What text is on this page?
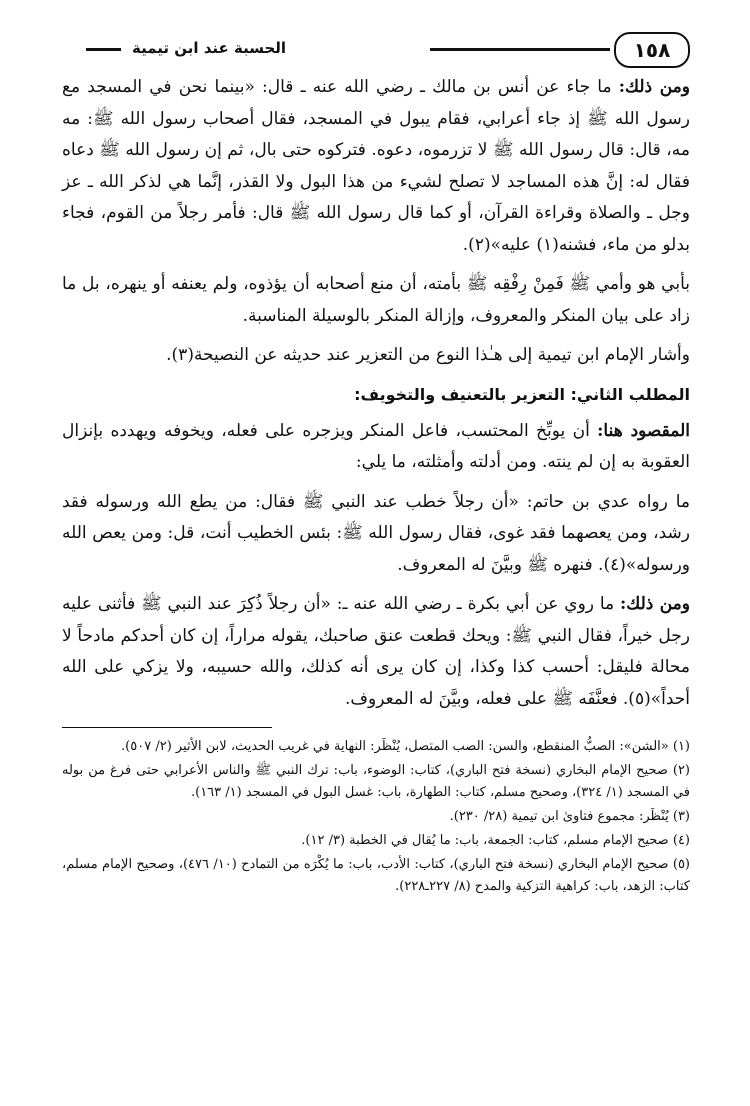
١٥٨
الحسبة عند ابن تيمية

ومن ذلك: ما جاء عن أنس بن مالك ـ رضي الله عنه ـ قال: «بينما نحن في المسجد مع رسول الله ﷺ إذ جاء أعرابي، فقام يبول في المسجد، فقال أصحاب رسول الله ﷺ: مه مه، قال: قال رسول الله ﷺ لا تزرموه، دعوه. فتركوه حتى بال، ثم إن رسول الله ﷺ دعاه فقال له: إنَّ هذه المساجد لا تصلح لشيء من هذا البول ولا القذر، إنَّما هي لذكر الله ـ عز وجل ـ والصلاة وقراءة القرآن، أو كما قال رسول الله ﷺ قال: فأمر رجلاً من القوم، فجاء بدلو من ماء، فشنه(١) عليه»(٢).

بأبي هو وأمي ﷺ فَمِنْ رِفْقِه ﷺ بأمته، أن منع أصحابه أن يؤذوه، ولم يعنفه أو ينهره، بل ما زاد على بيان المنكر والمعروف، وإزالة المنكر بالوسيلة المناسبة.

وأشار الإمام ابن تيمية إلى هـٰذا النوع من التعزير عند حديثه عن النصيحة(٣).

المطلب الثاني: التعزير بالتعنيف والتخويف:

المقصود هنا: أن يوبِّخ المحتسب، فاعل المنكر ويزجره على فعله، ويخوفه ويهدده بإنزال العقوبة به إن لم ينته. ومن أدلته وأمثلته، ما يلي:

ما رواه عدي بن حاتم: «أن رجلاً خطب عند النبي ﷺ فقال: من يطع الله ورسوله فقد رشد، ومن يعصهما فقد غوى، فقال رسول الله ﷺ: بئس الخطيب أنت، قل: ومن يعص الله ورسوله»(٤). فنهره ﷺ وبيَّنَ له المعروف.

ومن ذلك: ما روي عن أبي بكرة ـ رضي الله عنه ـ: «أن رجلاً ذُكِرَ عند النبي ﷺ فأثنى عليه رجل خيراً، فقال النبي ﷺ: ويحك قطعت عنق صاحبك، يقوله مراراً، إن كان أحدكم مادحاً لا محالة فليقل: أحسب كذا وكذا، إن كان يرى أنه كذلك، والله حسيبه، ولا يزكي على الله أحداً»(٥). فعنَّفَه ﷺ على فعله، وبيَّنَ له المعروف.

(١) «الشن»: الصبُّ المنقطع، والسن: الصب المتصل، يُنْظَر: النهاية في غريب الحديث، لابن الأثير (٢/ ٥٠٧).
(٢) صحيح الإمام البخاري (نسخة فتح الباري)، كتاب: الوضوء، باب: ترك النبي ﷺ والناس الأعرابي حتى فرغ من بوله في المسجد (١/ ٣٢٤)، وصحيح مسلم، كتاب: الطهارة، باب: غسل البول في المسجد (١/ ١٦٣).
(٣) يُنْظَر: مجموع فتاوىٰ ابن تيمية (٢٨/ ٢٣٠).
(٤) صحيح الإمام مسلم، كتاب: الجمعة، باب: ما يُقال في الخطبة (٣/ ١٢).
(٥) صحيح الإمام البخاري (نسخة فتح الباري)، كتاب: الأدب، باب: ما يُكْرَه من التمادح (١٠/ ٤٧٦)، وصحيح الإمام مسلم، كتاب: الزهد، باب: كراهية التزكية والمدح (٨/ ٢٢٧ـ٢٢٨).
